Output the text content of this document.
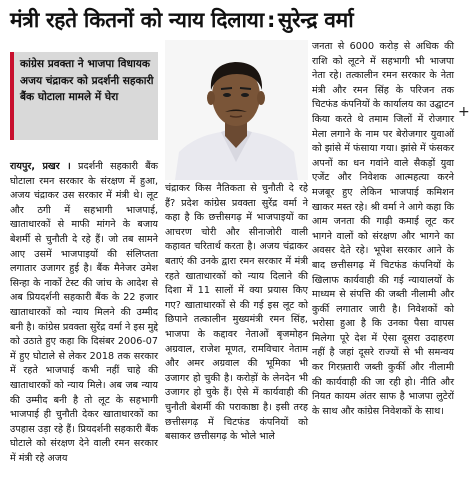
मंत्री रहते कितनों को न्याय दिलाया : सुरेन्द्र वर्मा
कांग्रेस प्रवक्ता ने भाजपा विधायक अजय चंद्राकर को प्रदर्शनी सहकारी बैंक घोटाला मामले में घेरा

रायपुर, प्रखर । प्रदर्शनी सहकारी बैंक घोटाला रमन सरकार के संरक्षण में हुआ, अजय चंद्राकर उस सरकार में मंत्री थे। लूट और ठगी में सहभागी भाजपाई, खाताधारकों से माफी मांगने के बजाय बेशर्मी से चुनौती दे रहे हैं। जो तब सामने आए उसमें भाजपाइयों की संलिप्तता लगातार उजागर हुई है। बैंक मैनेजर उमेश सिन्हा के नार्को टेस्ट की जांच के आदेश से अब प्रियदर्शनी सहकारी बैंक के 22 हजार खाताधारकों को न्याय मिलने की उम्मीद बनी है। कांग्रेस प्रवक्ता सुरेंद्र वर्मा ने इस मुद्दे को उठाते हुए कहा कि दिसंबर 2006-07 में हुए घोटाले से लेकर 2018 तक सरकार में रहते भाजपाई कभी नहीं चाहे की खाताधारकों को न्याय मिले। अब जब न्याय की उम्मीद बनी है तो लूट के सहभागी भाजपाई ही चुनौती देकर खाताधारकों का उपहास उड़ा रहे हैं। प्रियदर्शनी सहकारी बैंक घोटाले को संरक्षण देने वाली रमन सरकार में मंत्री रहे अजय

चंद्राकर किस नैतिकता से चुनौती दे रहे हैं? प्रदेश कांग्रेस प्रवक्ता सुरेंद्र वर्मा ने कहा है कि छत्तीसगढ़ में भाजपाइयों का आचरण चोरी और सीनाजोरी वाली कहावत चरितार्थ करता है। अजय चंद्राकर बताएं की उनके द्वारा रमन सरकार में मंत्री रहते खाताधारकों को न्याय दिलाने की दिशा में 11 सालों में क्या प्रयास किए गए? खाताधारकों से की गई इस लूट को छिपाने तत्कालीन मुख्यमंत्री रमन सिंह, भाजपा के कद्दावर नेताओं बृजमोहन अग्रवाल, राजेश मूणत, रामविचार नेताम और अमर अग्रवाल की भूमिका भी उजागर हो चुकी है। करोड़ों के लेनदेन भी उजागर हो चुके हैं। ऐसे में कार्यवाही की चुनौती बेशर्मी की पराकाष्ठा है। इसी तरह छत्तीसगढ़ में चिटफंड कंपनियों को बसाकर छत्तीसगढ़ के भोले भाले

जनता से 6000 करोड़ से अधिक की राशि को लूटने में सहभागी भी भाजपा नेता रहे। तत्कालीन रमन सरकार के नेता मंत्री और रमन सिंह के परिजन तक चिटफंड कंपनियों के कार्यालय का उद्घाटन किया करते थे तमाम जिलों में रोजगार मेला लगाने के नाम पर बेरोजगार युवाओं को झांसे में फंसाया गया। झांसे में फंसकर अपनों का धन गवांने वाले सैकड़ों युवा एजेंट और निवेशक आत्महत्या करने मजबूर हुए लेकिन भाजपाई कमिशन खाकर मस्त रहे। श्री वर्मा ने आगे कहा कि आम जनता की गाढ़ी कमाई लूट कर भागने वालों को संरक्षण और भागने का अवसर देते रहे। भूपेश सरकार आने के बाद छत्तीसगढ़ में चिटफंड कंपनियों के खिलाफ कार्यवाही की गई न्यायालयों के माध्यम से संपत्ति की जब्ती नीलामी और कुर्की लगातार जारी है। निवेशकों को भरोसा हुआ है कि उनका पैसा वापस मिलेगा पूरे देश में ऐसा दूसरा उदाहरण नहीं है जहां दूसरे राज्यों से भी समन्वय कर गिरफ़्तारी जब्ती कुर्की और नीलामी की कार्यवाही की जा रही हो। नीति और नियत कायम अंतर साफ है भाजपा लुटेरों के साथ और कांग्रेस निवेशकों के साथ।

+
